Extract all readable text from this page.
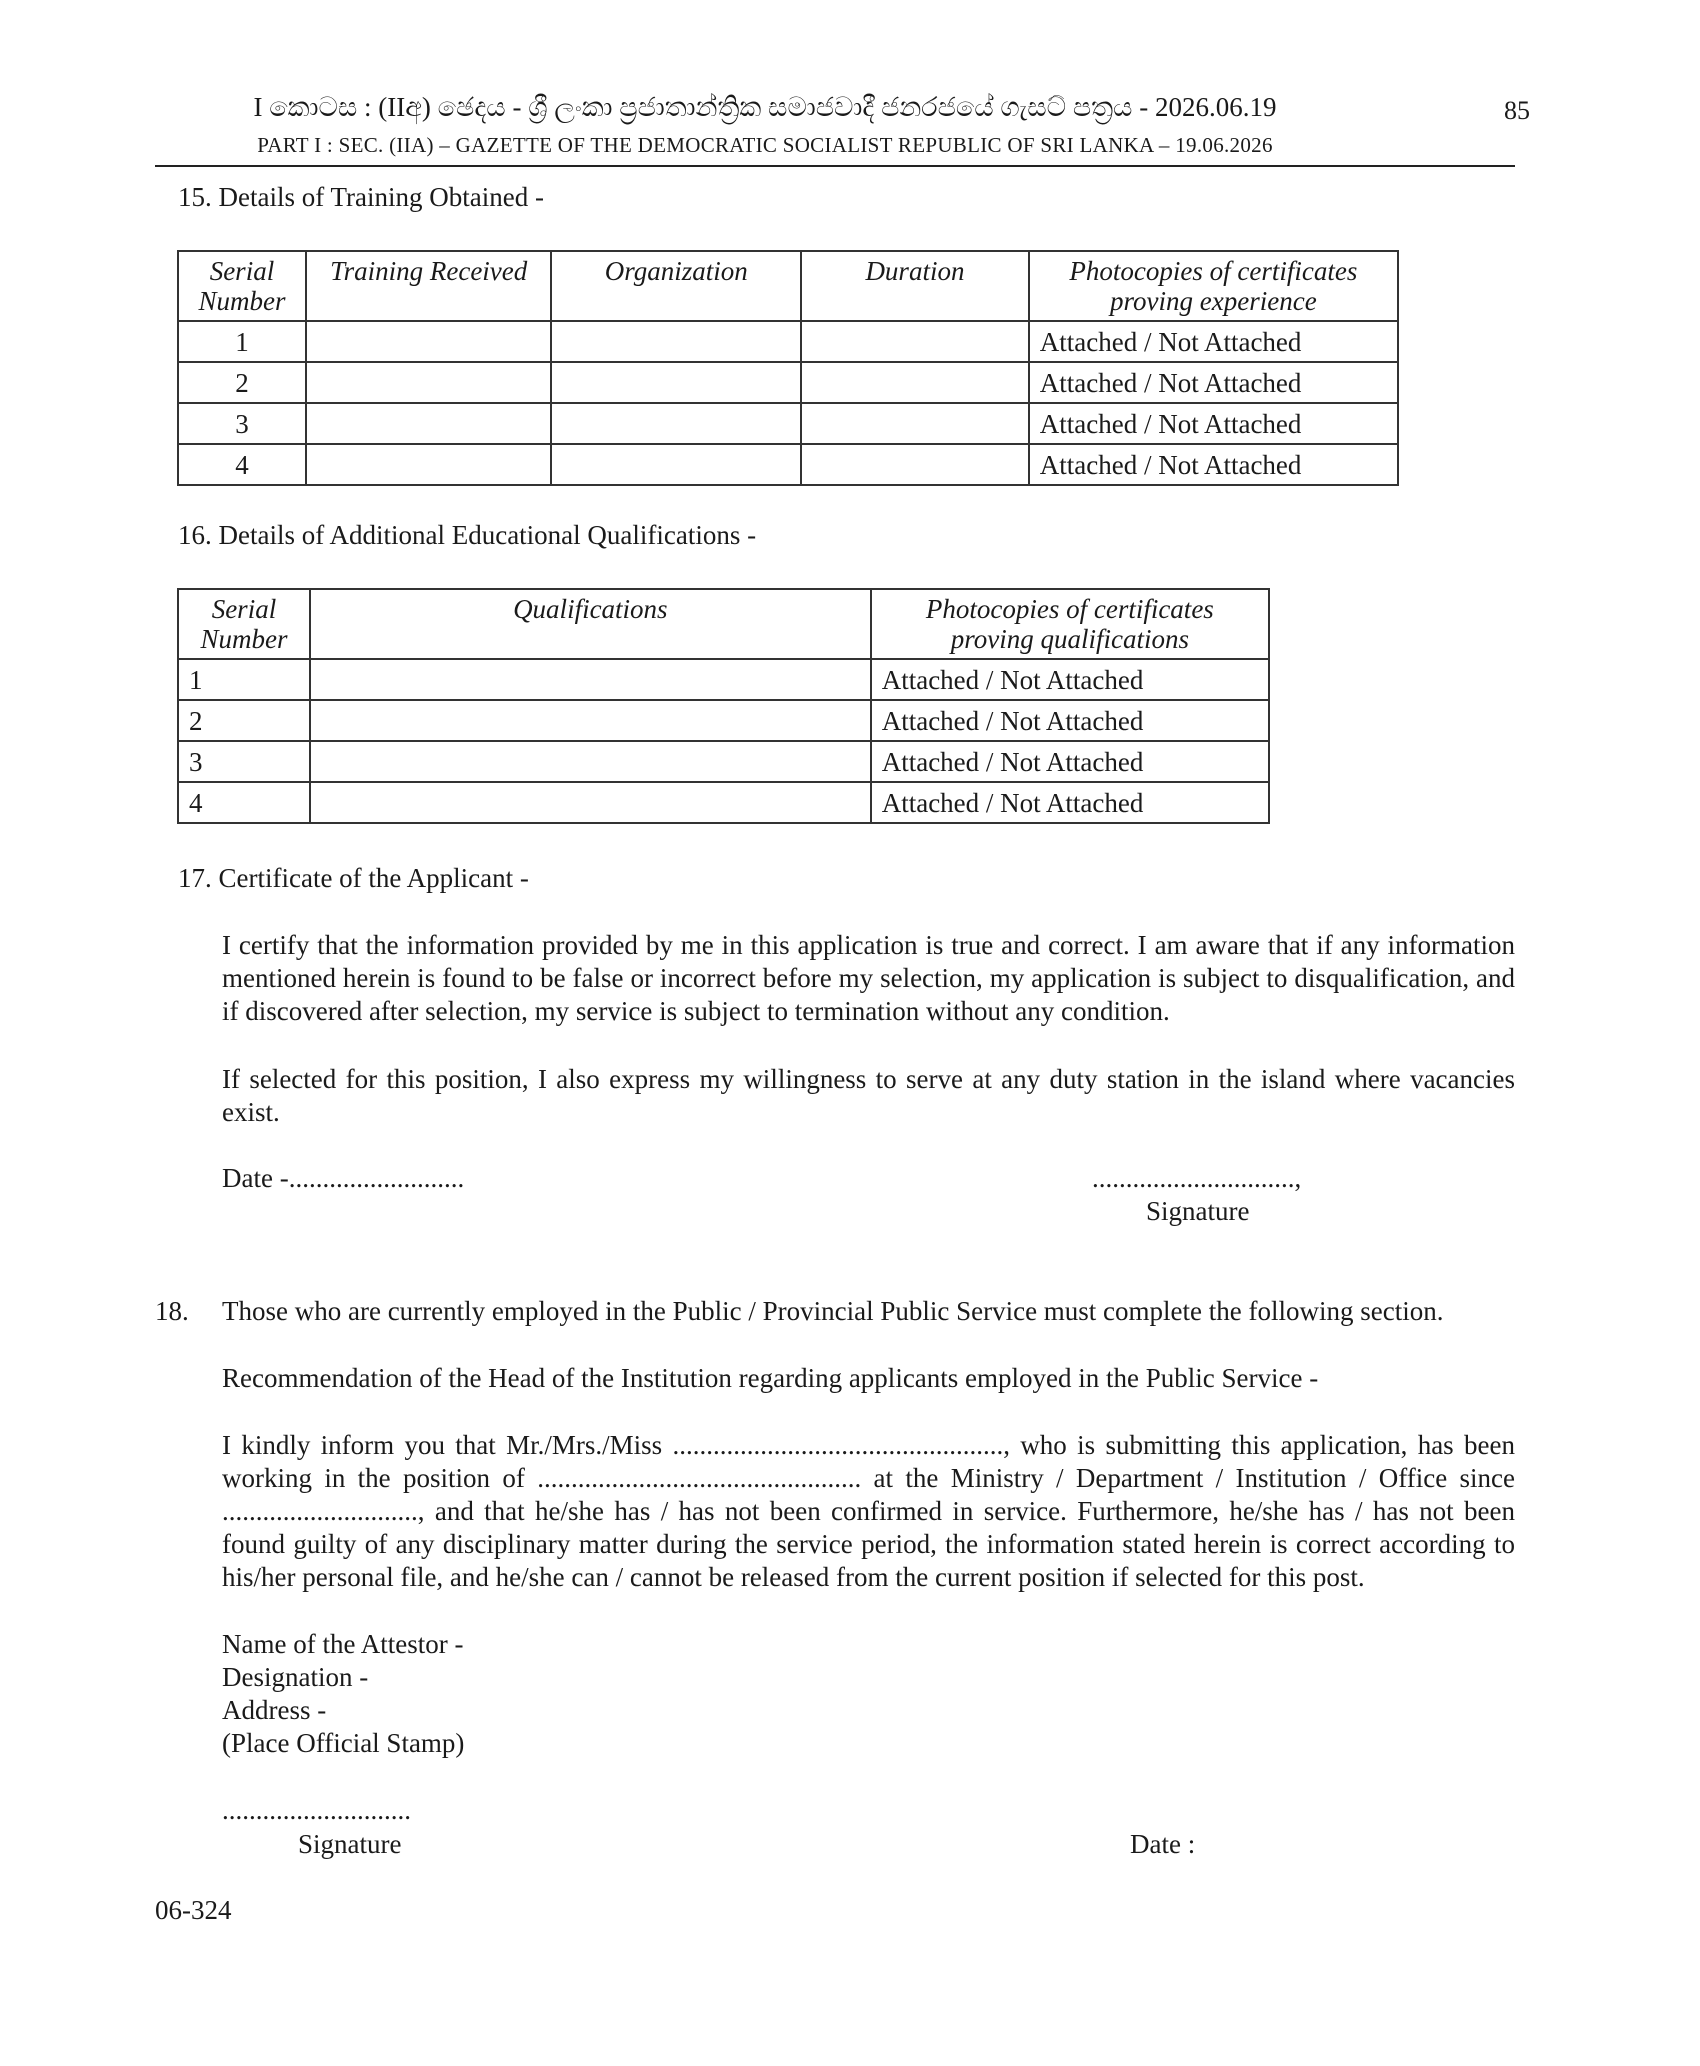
I කොටස : (IIඅ) ඡෙදය - ශ්‍රී ලංකා ප්‍රජාතාන්ත්‍රික සමාජවාදී ජනරජයේ ගැසට් පත්‍රය - 2026.06.19
PART I : SEC. (IIA) – GAZETTE OF THE DEMOCRATIC SOCIALIST REPUBLIC OF SRI LANKA – 19.06.2026
85
15. Details of Training Obtained -
Serial Number	Training Received	Organization	Duration	Photocopies of certificates proving experience
1				Attached / Not Attached
2				Attached / Not Attached
3				Attached / Not Attached
4				Attached / Not Attached
16. Details of Additional Educational Qualifications -
Serial Number	Qualifications	Photocopies of certificates proving qualifications
1		Attached / Not Attached
2		Attached / Not Attached
3		Attached / Not Attached
4		Attached / Not Attached
17. Certificate of the Applicant -
I certify that the information provided by me in this application is true and correct. I am aware that if any information mentioned herein is found to be false or incorrect before my selection, my application is subject to disqualification, and if discovered after selection, my service is subject to termination without any condition.
If selected for this position, I also express my willingness to serve at any duty station in the island where vacancies exist.
Date -..........................	..............................,
Signature
18. Those who are currently employed in the Public / Provincial Public Service must complete the following section.
Recommendation of the Head of the Institution regarding applicants employed in the Public Service -
I kindly inform you that Mr./Mrs./Miss ................................................., who is submitting this application, has been working in the position of ................................................ at the Ministry / Department / Institution / Office since ............................., and that he/she has / has not been confirmed in service. Furthermore, he/she has / has not been found guilty of any disciplinary matter during the service period, the information stated herein is correct according to his/her personal file, and he/she can / cannot be released from the current position if selected for this post.
Name of the Attestor -
Designation -
Address -
(Place Official Stamp)
............................
Signature	Date :
06-324
